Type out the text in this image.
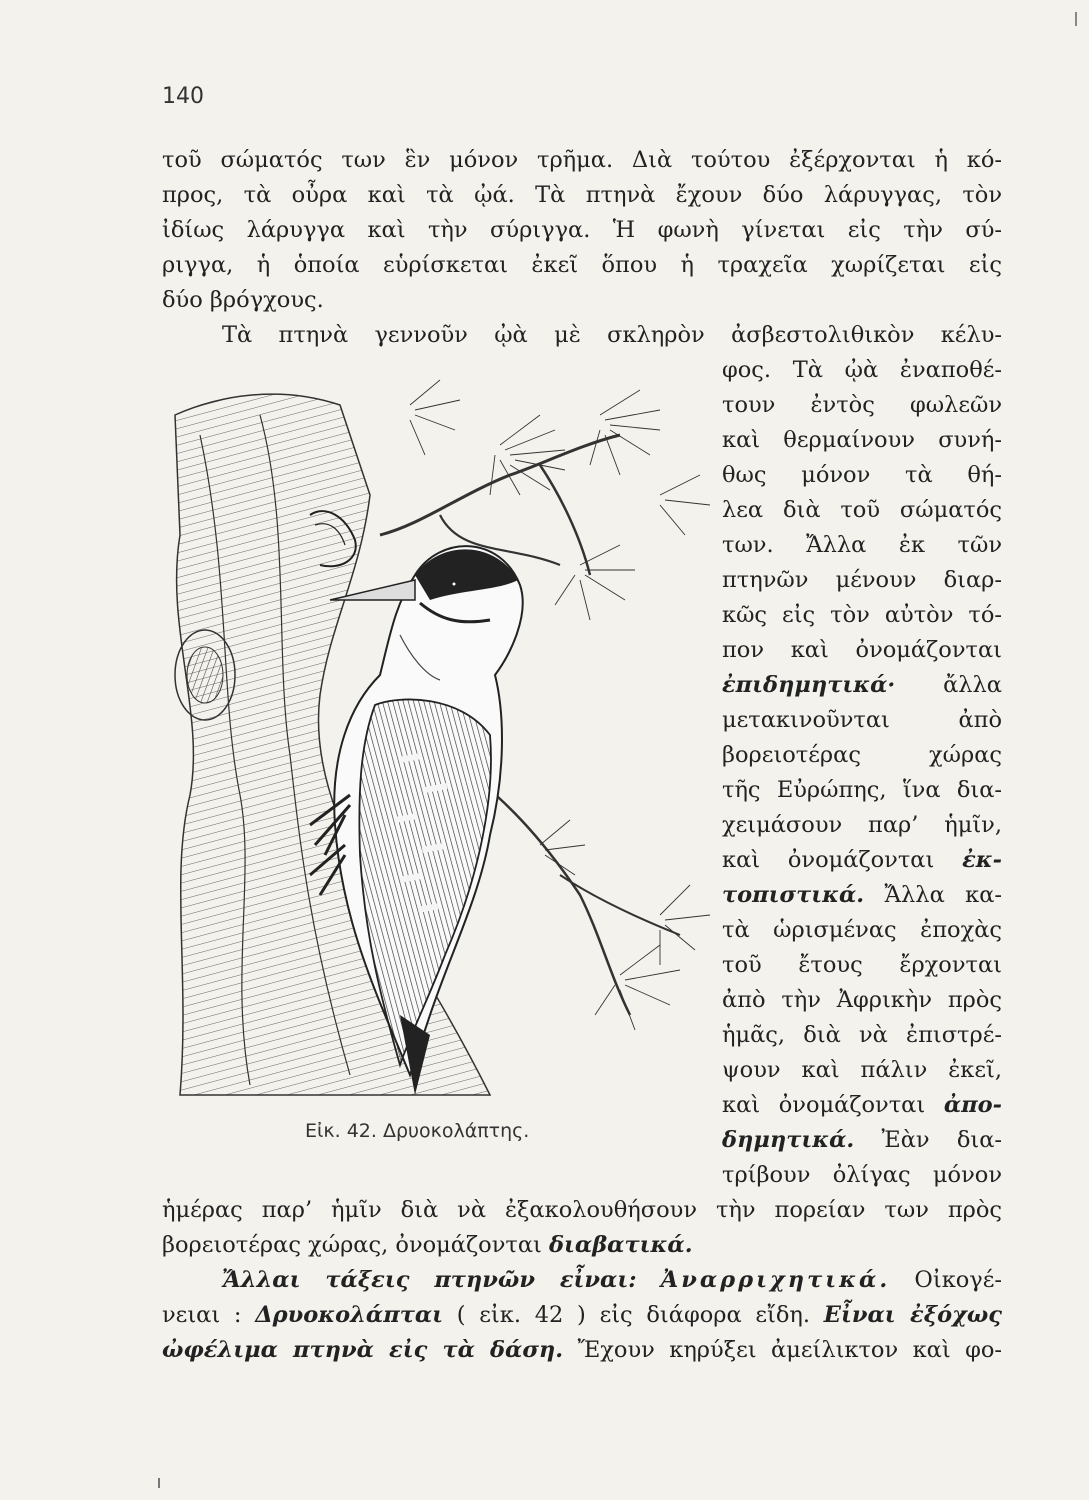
140
τοῦ σώματός των ἓν μόνον τρῆμα. Διὰ τούτου ἐξέρχονται ἡ κό-
προς, τὰ οὖρα καὶ τὰ ᾠά. Τὰ πτηνὰ ἔχουν δύο λάρυγγας, τὸν
ἰδίως λάρυγγα καὶ τὴν σύριγγα. Ἡ φωνὴ γίνεται εἰς τὴν σύ-
ριγγα, ἡ ὁποία εὑρίσκεται ἐκεῖ ὅπου ἡ τραχεῖα χωρίζεται εἰς
δύο βρόγχους.
Τὰ πτηνὰ γεννοῦν ᾠὰ μὲ σκληρὸν ἀσβεστολιθικὸν κέλυ-
φος. Τὰ ᾠὰ ἐναποθέ-
τουν ἐντὸς φωλεῶν
καὶ θερμαίνουν συνή-
θως μόνον τὰ θή-
λεα διὰ τοῦ σώματός
των. Ἄλλα ἐκ τῶν
πτηνῶν μένουν διαρ-
κῶς εἰς τὸν αὐτὸν τό-
πον καὶ ὀνομάζονται
ἐπιδημητικά· ἄλλα
μετακινοῦνται ἀπὸ
βορειοτέρας χώρας
τῆς Εὐρώπης, ἵνα δια-
χειμάσουν παρ’ ἡμῖν,
καὶ ὀνομάζονται ἐκ-
τοπιστικά. Ἄλλα κα-
τὰ ὡρισμένας ἐποχὰς
τοῦ ἔτους ἔρχονται
ἀπὸ τὴν Ἀφρικὴν πρὸς
ἡμᾶς, διὰ νὰ ἐπιστρέ-
ψουν καὶ πάλιν ἐκεῖ,
καὶ ὀνομάζονται ἀπο-
δημητικά. Ἐὰν δια-
τρίβουν ὀλίγας μόνον
Εἰκ. 42. Δρυοκολάπτης.
ἡμέρας παρ’ ἡμῖν διὰ νὰ ἐξακολουθήσουν τὴν πορείαν των πρὸς
βορειοτέρας χώρας, ὀνομάζονται διαβατικά.
Ἄλλαι τάξεις πτηνῶν εἶναι: Ἀναρριχητικά. Οἰκογέ-
νειαι : Δρυοκολάπται ( εἰκ. 42 ) εἰς διάφορα εἴδη. Εἶναι ἐξόχως
ὠφέλιμα πτηνὰ εἰς τὰ δάση. Ἔχουν κηρύξει ἀμείλικτον καὶ φο-
